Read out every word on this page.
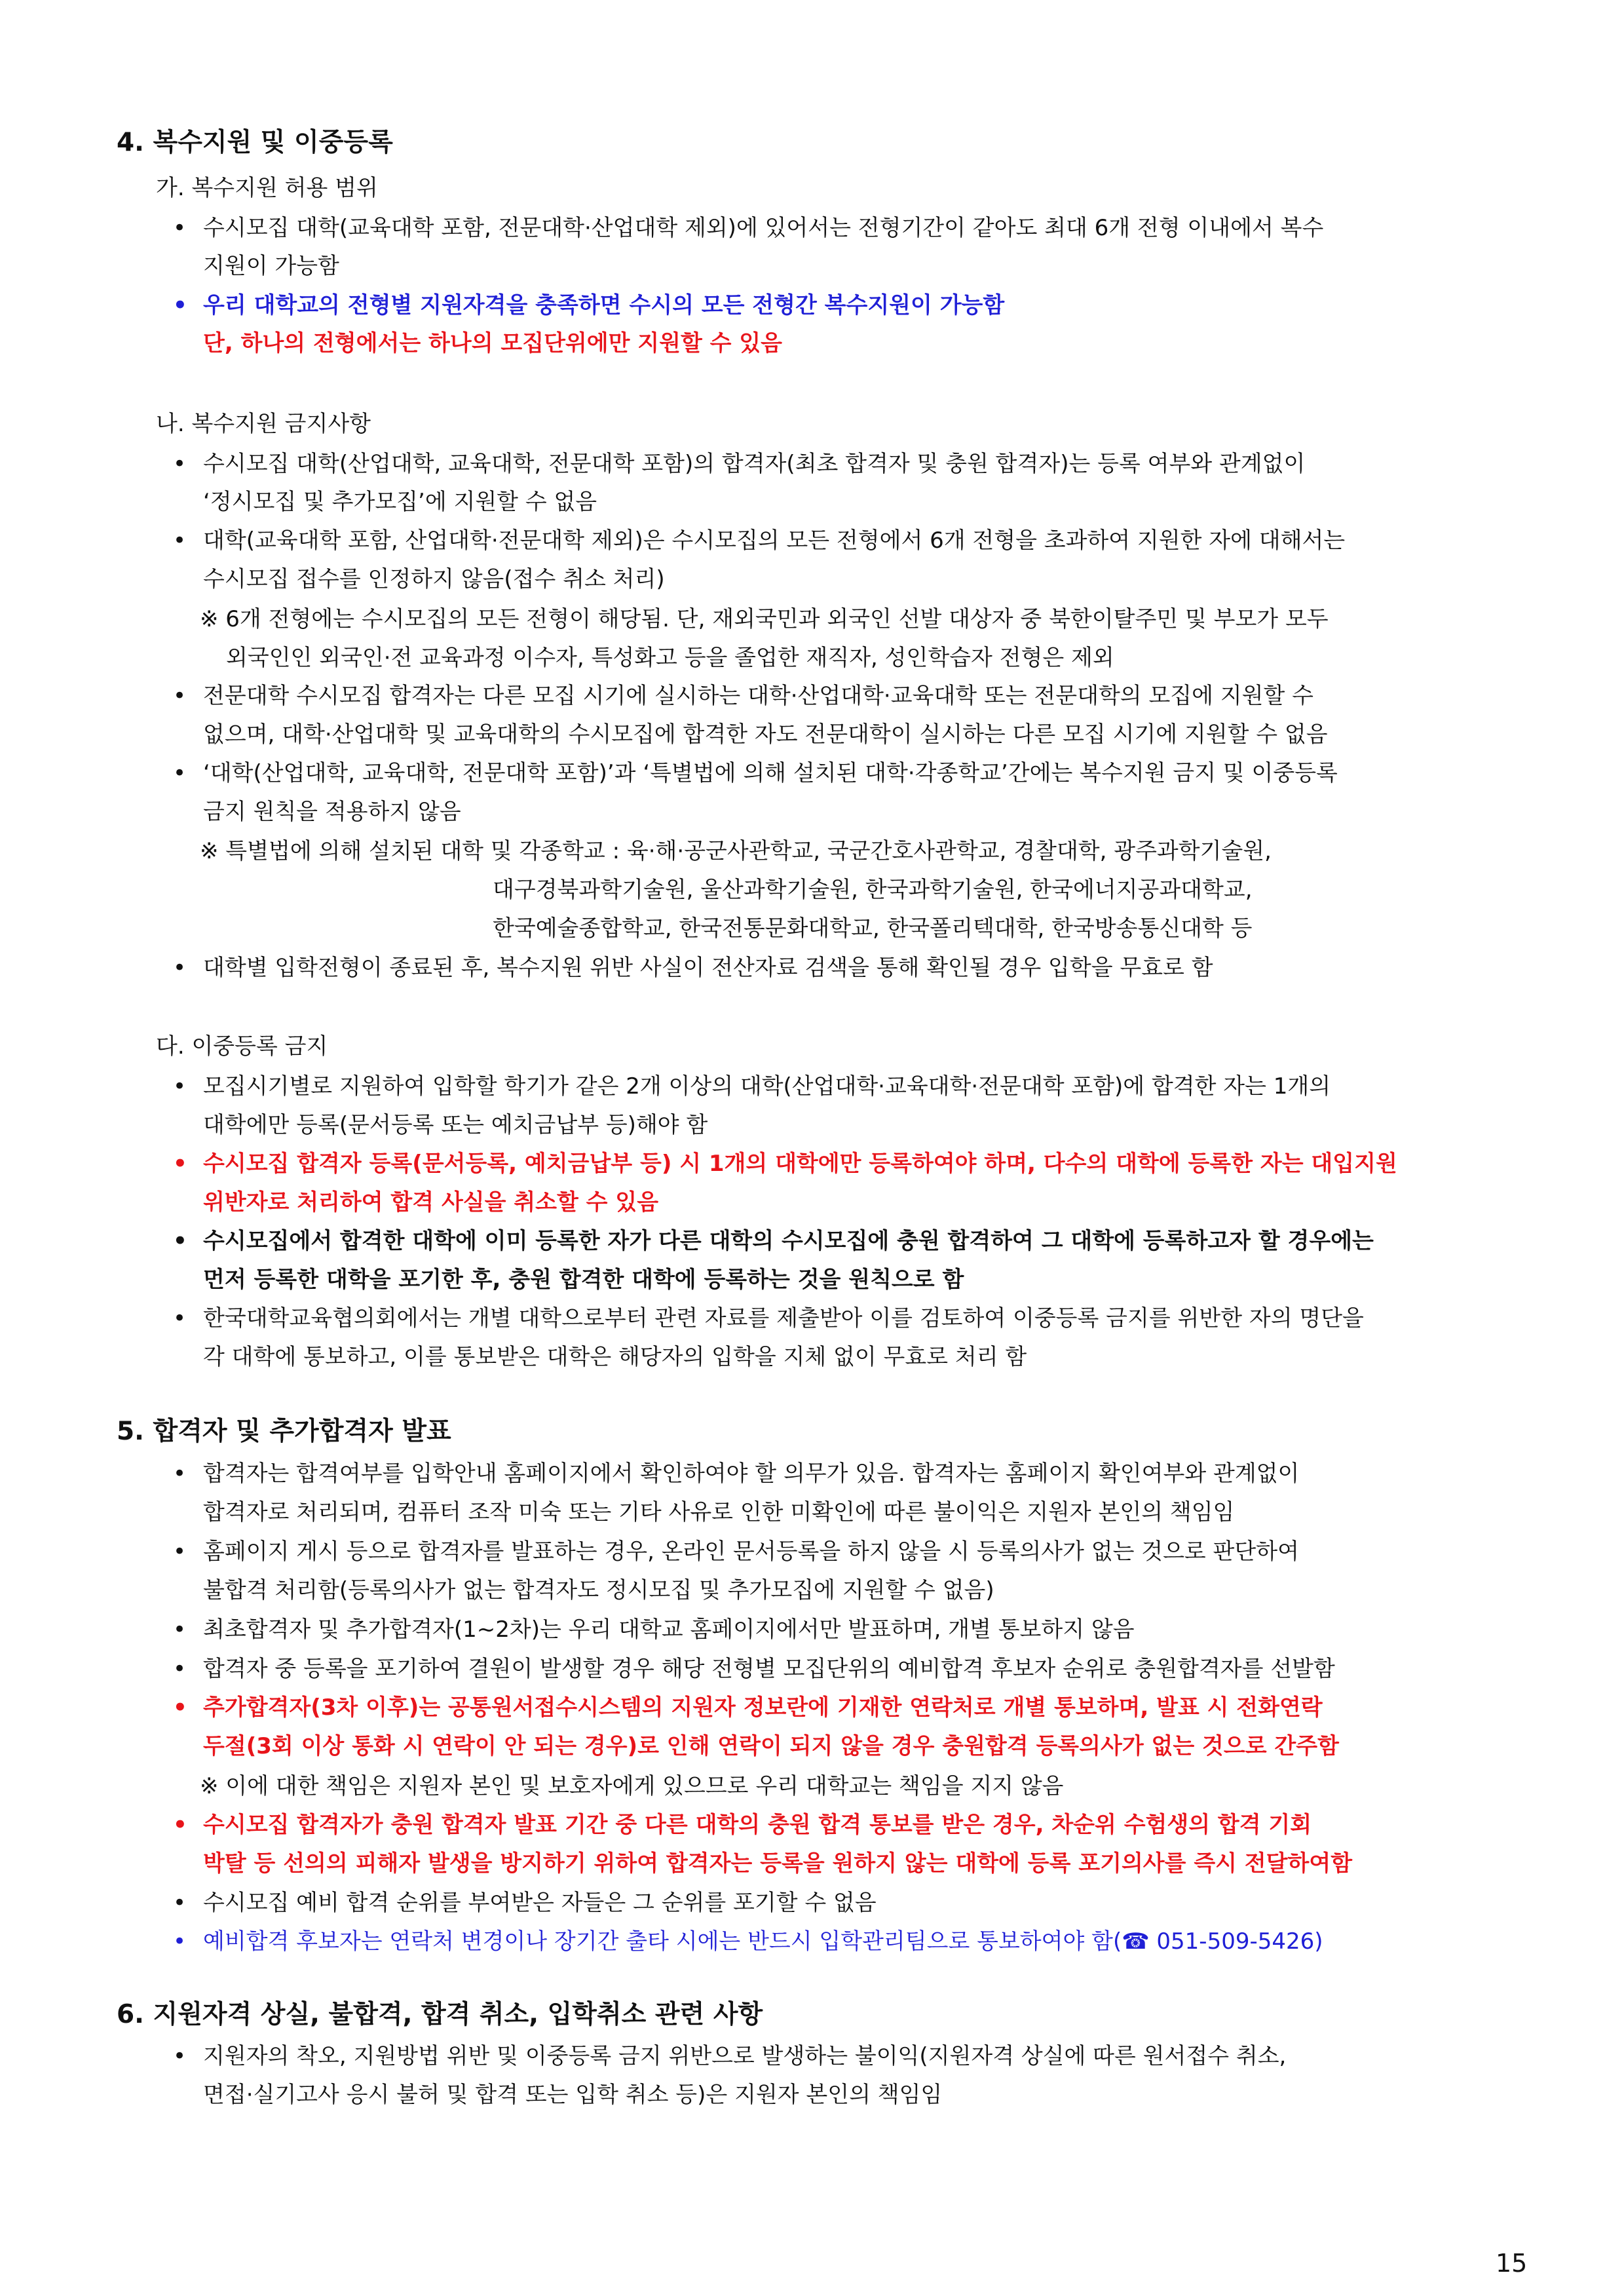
4. 복수지원 및 이중등록
가. 복수지원 허용 범위
• 수시모집 대학(교육대학 포함, 전문대학·산업대학 제외)에 있어서는 전형기간이 같아도 최대 6개 전형 이내에서 복수
지원이 가능함
• 우리 대학교의 전형별 지원자격을 충족하면 수시의 모든 전형간 복수지원이 가능함
단, 하나의 전형에서는 하나의 모집단위에만 지원할 수 있음
나. 복수지원 금지사항
• 수시모집 대학(산업대학, 교육대학, 전문대학 포함)의 합격자(최초 합격자 및 충원 합격자)는 등록 여부와 관계없이
‘정시모집 및 추가모집’에 지원할 수 없음
• 대학(교육대학 포함, 산업대학·전문대학 제외)은 수시모집의 모든 전형에서 6개 전형을 초과하여 지원한 자에 대해서는
수시모집 접수를 인정하지 않음(접수 취소 처리)
※ 6개 전형에는 수시모집의 모든 전형이 해당됨. 단, 재외국민과 외국인 선발 대상자 중 북한이탈주민 및 부모가 모두
외국인인 외국인·전 교육과정 이수자, 특성화고 등을 졸업한 재직자, 성인학습자 전형은 제외
• 전문대학 수시모집 합격자는 다른 모집 시기에 실시하는 대학·산업대학·교육대학 또는 전문대학의 모집에 지원할 수
없으며, 대학·산업대학 및 교육대학의 수시모집에 합격한 자도 전문대학이 실시하는 다른 모집 시기에 지원할 수 없음
• ‘대학(산업대학, 교육대학, 전문대학 포함)’과 ‘특별법에 의해 설치된 대학·각종학교’간에는 복수지원 금지 및 이중등록
금지 원칙을 적용하지 않음
※ 특별법에 의해 설치된 대학 및 각종학교 : 육·해·공군사관학교, 국군간호사관학교, 경찰대학, 광주과학기술원,
대구경북과학기술원, 울산과학기술원, 한국과학기술원, 한국에너지공과대학교,
한국예술종합학교, 한국전통문화대학교, 한국폴리텍대학, 한국방송통신대학 등
• 대학별 입학전형이 종료된 후, 복수지원 위반 사실이 전산자료 검색을 통해 확인될 경우 입학을 무효로 함
다. 이중등록 금지
• 모집시기별로 지원하여 입학할 학기가 같은 2개 이상의 대학(산업대학·교육대학·전문대학 포함)에 합격한 자는 1개의
대학에만 등록(문서등록 또는 예치금납부 등)해야 함
• 수시모집 합격자 등록(문서등록, 예치금납부 등) 시 1개의 대학에만 등록하여야 하며, 다수의 대학에 등록한 자는 대입지원
위반자로 처리하여 합격 사실을 취소할 수 있음
• 수시모집에서 합격한 대학에 이미 등록한 자가 다른 대학의 수시모집에 충원 합격하여 그 대학에 등록하고자 할 경우에는
먼저 등록한 대학을 포기한 후, 충원 합격한 대학에 등록하는 것을 원칙으로 함
• 한국대학교육협의회에서는 개별 대학으로부터 관련 자료를 제출받아 이를 검토하여 이중등록 금지를 위반한 자의 명단을
각 대학에 통보하고, 이를 통보받은 대학은 해당자의 입학을 지체 없이 무효로 처리 함
5. 합격자 및 추가합격자 발표
• 합격자는 합격여부를 입학안내 홈페이지에서 확인하여야 할 의무가 있음. 합격자는 홈페이지 확인여부와 관계없이
합격자로 처리되며, 컴퓨터 조작 미숙 또는 기타 사유로 인한 미확인에 따른 불이익은 지원자 본인의 책임임
• 홈페이지 게시 등으로 합격자를 발표하는 경우, 온라인 문서등록을 하지 않을 시 등록의사가 없는 것으로 판단하여
불합격 처리함(등록의사가 없는 합격자도 정시모집 및 추가모집에 지원할 수 없음)
• 최초합격자 및 추가합격자(1~2차)는 우리 대학교 홈페이지에서만 발표하며, 개별 통보하지 않음
• 합격자 중 등록을 포기하여 결원이 발생할 경우 해당 전형별 모집단위의 예비합격 후보자 순위로 충원합격자를 선발함
• 추가합격자(3차 이후)는 공통원서접수시스템의 지원자 정보란에 기재한 연락처로 개별 통보하며, 발표 시 전화연락
두절(3회 이상 통화 시 연락이 안 되는 경우)로 인해 연락이 되지 않을 경우 충원합격 등록의사가 없는 것으로 간주함
※ 이에 대한 책임은 지원자 본인 및 보호자에게 있으므로 우리 대학교는 책임을 지지 않음
• 수시모집 합격자가 충원 합격자 발표 기간 중 다른 대학의 충원 합격 통보를 받은 경우, 차순위 수험생의 합격 기회
박탈 등 선의의 피해자 발생을 방지하기 위하여 합격자는 등록을 원하지 않는 대학에 등록 포기의사를 즉시 전달하여함
• 수시모집 예비 합격 순위를 부여받은 자들은 그 순위를 포기할 수 없음
• 예비합격 후보자는 연락처 변경이나 장기간 출타 시에는 반드시 입학관리팀으로 통보하여야 함(☎ 051-509-5426)
6. 지원자격 상실, 불합격, 합격 취소, 입학취소 관련 사항
• 지원자의 착오, 지원방법 위반 및 이중등록 금지 위반으로 발생하는 불이익(지원자격 상실에 따른 원서접수 취소,
면접·실기고사 응시 불허 및 합격 또는 입학 취소 등)은 지원자 본인의 책임임
15
